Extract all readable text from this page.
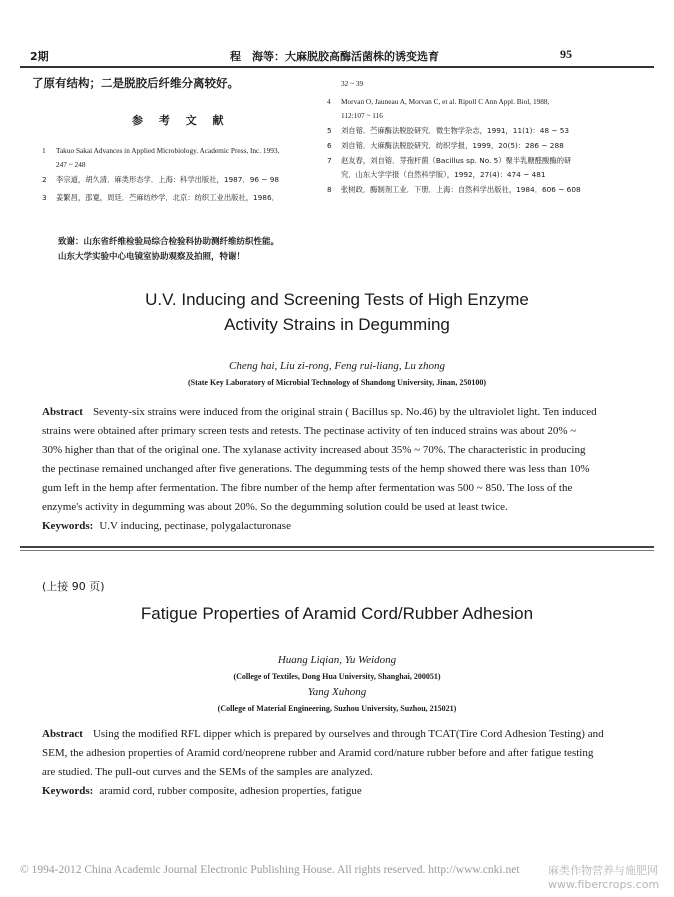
2期	程　海等：大麻脱胶高酶活菌株的诱变选育	95
了原有结构；二是脱胶后纤维分离较好。
参 考 文 献
1 Takuo Sakai Advances in Applied Microbiology. Academic Press, Inc. 1993,
247 ~ 248
2 李宗道，胡久清．麻类形态学．上海：科学出版社，1987．96 ~ 98
3 姜繁昌，邵寛，周廷．苎麻纺纱学．北京：纺织工业出版社，1986．
32 ~ 39
4 Morvan O, Jauneau A, Morvan C, et al. Ripoll C Ann Appl. Biol, 1988,
112:107 ~ 116
5 刘自镕．苎麻酶法脱胶研究．微生物学杂志，1991，11(1)：48 ~ 53
6 刘自镕．大麻酶法脱胶研究．纺织学报，1999，20(5)：286 ~ 288
7 赵友春，刘自镕．芽孢杆菌（Bacillus sp. No. 5）聚半乳糖醛酸酶的研
究．山东大学学报（自然科学版），1992，27(4)：474 ~ 481
8 张树政．酶制剂工业．下册．上海：自然科学出版社，1984．606 ~ 608
致谢：山东省纤维检验局综合检验科协助测纤维纺织性能。
山东大学实验中心电镜室协助观察及拍照，特谢！
U.V. Inducing and Screening Tests of High Enzyme
Activity Strains in Degumming
Cheng hai, Liu zi-rong, Feng rui-liang, Lu zhong
(State Key Laboratory of Microbial Technology of Shandong University, Jinan, 250100)
Abstract Seventy-six strains were induced from the original strain ( Bacillus sp. No.46) by the ultraviolet light. Ten induced
strains were obtained after primary screen tests and retests. The pectinase activity of ten induced strains was about 20% ~
30% higher than that of the original one. The xylanase activity increased about 35% ~ 70%. The characteristic in producing
the pectinase remained unchanged after five generations. The degumming tests of the hemp showed there was less than 10%
gum left in the hemp after fermentation. The fibre number of the hemp after fermentation was 500 ~ 850. The loss of the
enzyme's activity in degumming was about 20%. So the degumming solution could be used at least twice.
Keywords: U.V inducing, pectinase, polygalacturonase
(上接 90 页)
Fatigue Properties of Aramid Cord/Rubber Adhesion
Huang Liqian, Yu Weidong
(College of Textiles, Dong Hua University, Shanghai, 200051)
Yang Xuhong
(College of Material Engineering, Suzhou University, Suzhou, 215021)
Abstract Using the modified RFL dipper which is prepared by ourselves and through TCAT(Tire Cord Adhesion Testing) and
SEM, the adhesion properties of Aramid cord/neoprene rubber and Aramid cord/nature rubber before and after fatigue testing
are studied. The pull-out curves and the SEMs of the samples are analyzed.
Keywords: aramid cord, rubber composite, adhesion properties, fatigue
© 1994-2012 China Academic Journal Electronic Publishing House. All rights reserved. http://www.cnki.net	麻类作物营养与施肥网 www.fibercrops.com
